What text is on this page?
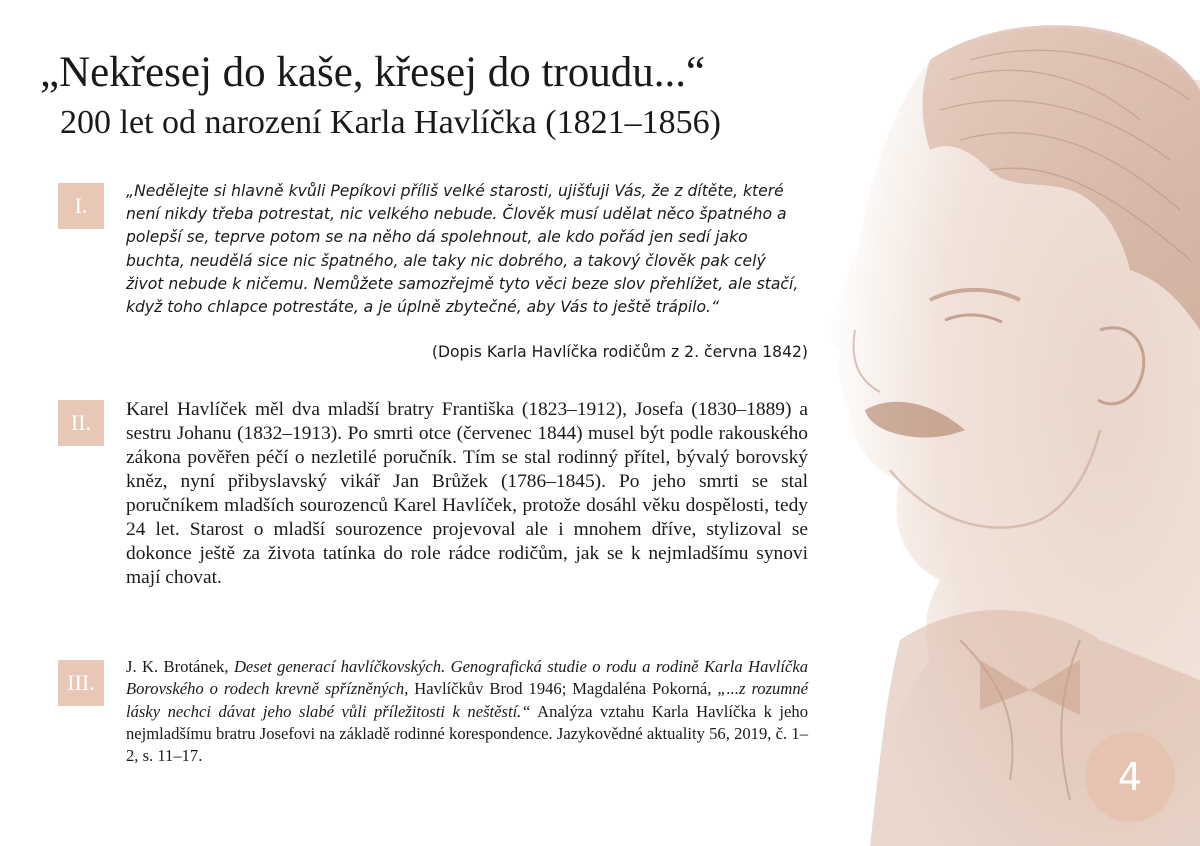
„Nekřesej do kaše, křesej do troudu...“
200 let od narození Karla Havlíčka (1821–1856)
I.

„Nedělejte si hlavně kvůli Pepíkovi příliš velké starosti, ujišťuji Vás, že z dítěte, které není nikdy třeba potrestat, nic velkého nebude. Člověk musí udělat něco špatného a polepší se, teprve potom se na něho dá spolehnout, ale kdo pořád jen sedí jako buchta, neudělá sice nic špatného, ale taky nic dobrého, a takový člověk pak celý život nebude k ničemu. Nemůžete samozřejmě tyto věci beze slov přehlížet, ale stačí, když toho chlapce potrestáte, a je úplně zbytečné, aby Vás to ještě trápilo.“

(Dopis Karla Havlíčka rodičům z 2. června 1842)

II.

Karel Havlíček měl dva mladší bratry Františka (1823–1912), Josefa (1830–1889) a sestru Johanu (1832–1913). Po smrti otce (červenec 1844) musel být podle rakouského zákona pověřen péčí o nezletilé poručník. Tím se stal rodinný přítel, bývalý borovský kněz, nyní přibyslavský vikář Jan Brůžek (1786–1845). Po jeho smrti se stal poručníkem mladších sourozenců Karel Havlíček, protože dosáhl věku dospělosti, tedy 24 let. Starost o mladší sourozence projevoval ale i mnohem dříve, stylizoval se dokonce ještě za života tatínka do role rádce rodičům, jak se k nejmladšímu synovi mají chovat.

III.

J. K. Brotánek, Deset generací havlíčkovských. Genografická studie o rodu a rodině Karla Havlíčka Borovského o rodech krevně spřízněných, Havlíčkův Brod 1946; Magdaléna Pokorná, „...z rozumné lásky nechci dávat jeho slabé vůli příležitosti k neštěstí.“ Analýza vztahu Karla Havlíčka k jeho nejmladšímu bratru Josefovi na základě rodinné korespondence. Jazykovědné aktuality 56, 2019, č. 1–2, s. 11–17.	4
